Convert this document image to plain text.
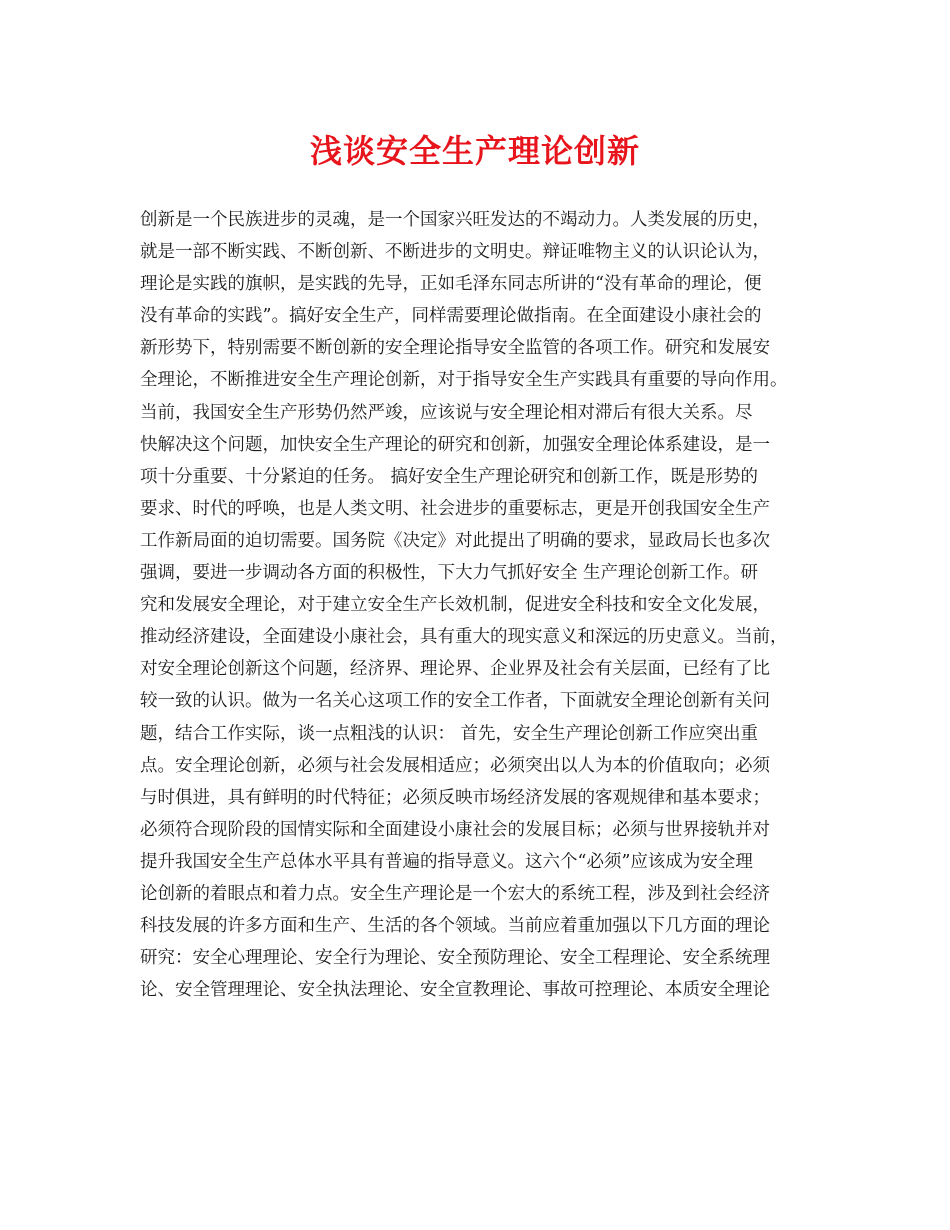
浅谈安全生产理论创新
创新是一个民族进步的灵魂，是一个国家兴旺发达的不竭动力。人类发展的历史，
就是一部不断实践、不断创新、不断进步的文明史。辩证唯物主义的认识论认为，
理论是实践的旗帜，是实践的先导，正如毛泽东同志所讲的“没有革命的理论，便
没有革命的实践”。搞好安全生产，同样需要理论做指南。在全面建设小康社会的
新形势下，特别需要不断创新的安全理论指导安全监管的各项工作。研究和发展安
全理论，不断推进安全生产理论创新，对于指导安全生产实践具有重要的导向作用。
当前，我国安全生产形势仍然严竣，应该说与安全理论相对滞后有很大关系。尽
快解决这个问题，加快安全生产理论的研究和创新，加强安全理论体系建设，是一
项十分重要、十分紧迫的任务。 搞好安全生产理论研究和创新工作，既是形势的
要求、时代的呼唤，也是人类文明、社会进步的重要标志，更是开创我国安全生产
工作新局面的迫切需要。国务院《决定》对此提出了明确的要求，显政局长也多次
强调，要进一步调动各方面的积极性，下大力气抓好安全 生产理论创新工作。研
究和发展安全理论，对于建立安全生产长效机制，促进安全科技和安全文化发展，
推动经济建设，全面建设小康社会，具有重大的现实意义和深远的历史意义。当前，
对安全理论创新这个问题，经济界、理论界、企业界及社会有关层面，已经有了比
较一致的认识。做为一名关心这项工作的安全工作者，下面就安全理论创新有关问
题，结合工作实际，谈一点粗浅的认识： 首先，安全生产理论创新工作应突出重
点。安全理论创新，必须与社会发展相适应；必须突出以人为本的价值取向；必须
与时俱进，具有鲜明的时代特征；必须反映市场经济发展的客观规律和基本要求；
必须符合现阶段的国情实际和全面建设小康社会的发展目标；必须与世界接轨并对
提升我国安全生产总体水平具有普遍的指导意义。这六个“必须”应该成为安全理
论创新的着眼点和着力点。安全生产理论是一个宏大的系统工程，涉及到社会经济
科技发展的许多方面和生产、生活的各个领域。当前应着重加强以下几方面的理论
研究：安全心理理论、安全行为理论、安全预防理论、安全工程理论、安全系统理
论、安全管理理论、安全执法理论、安全宣教理论、事故可控理论、本质安全理论
